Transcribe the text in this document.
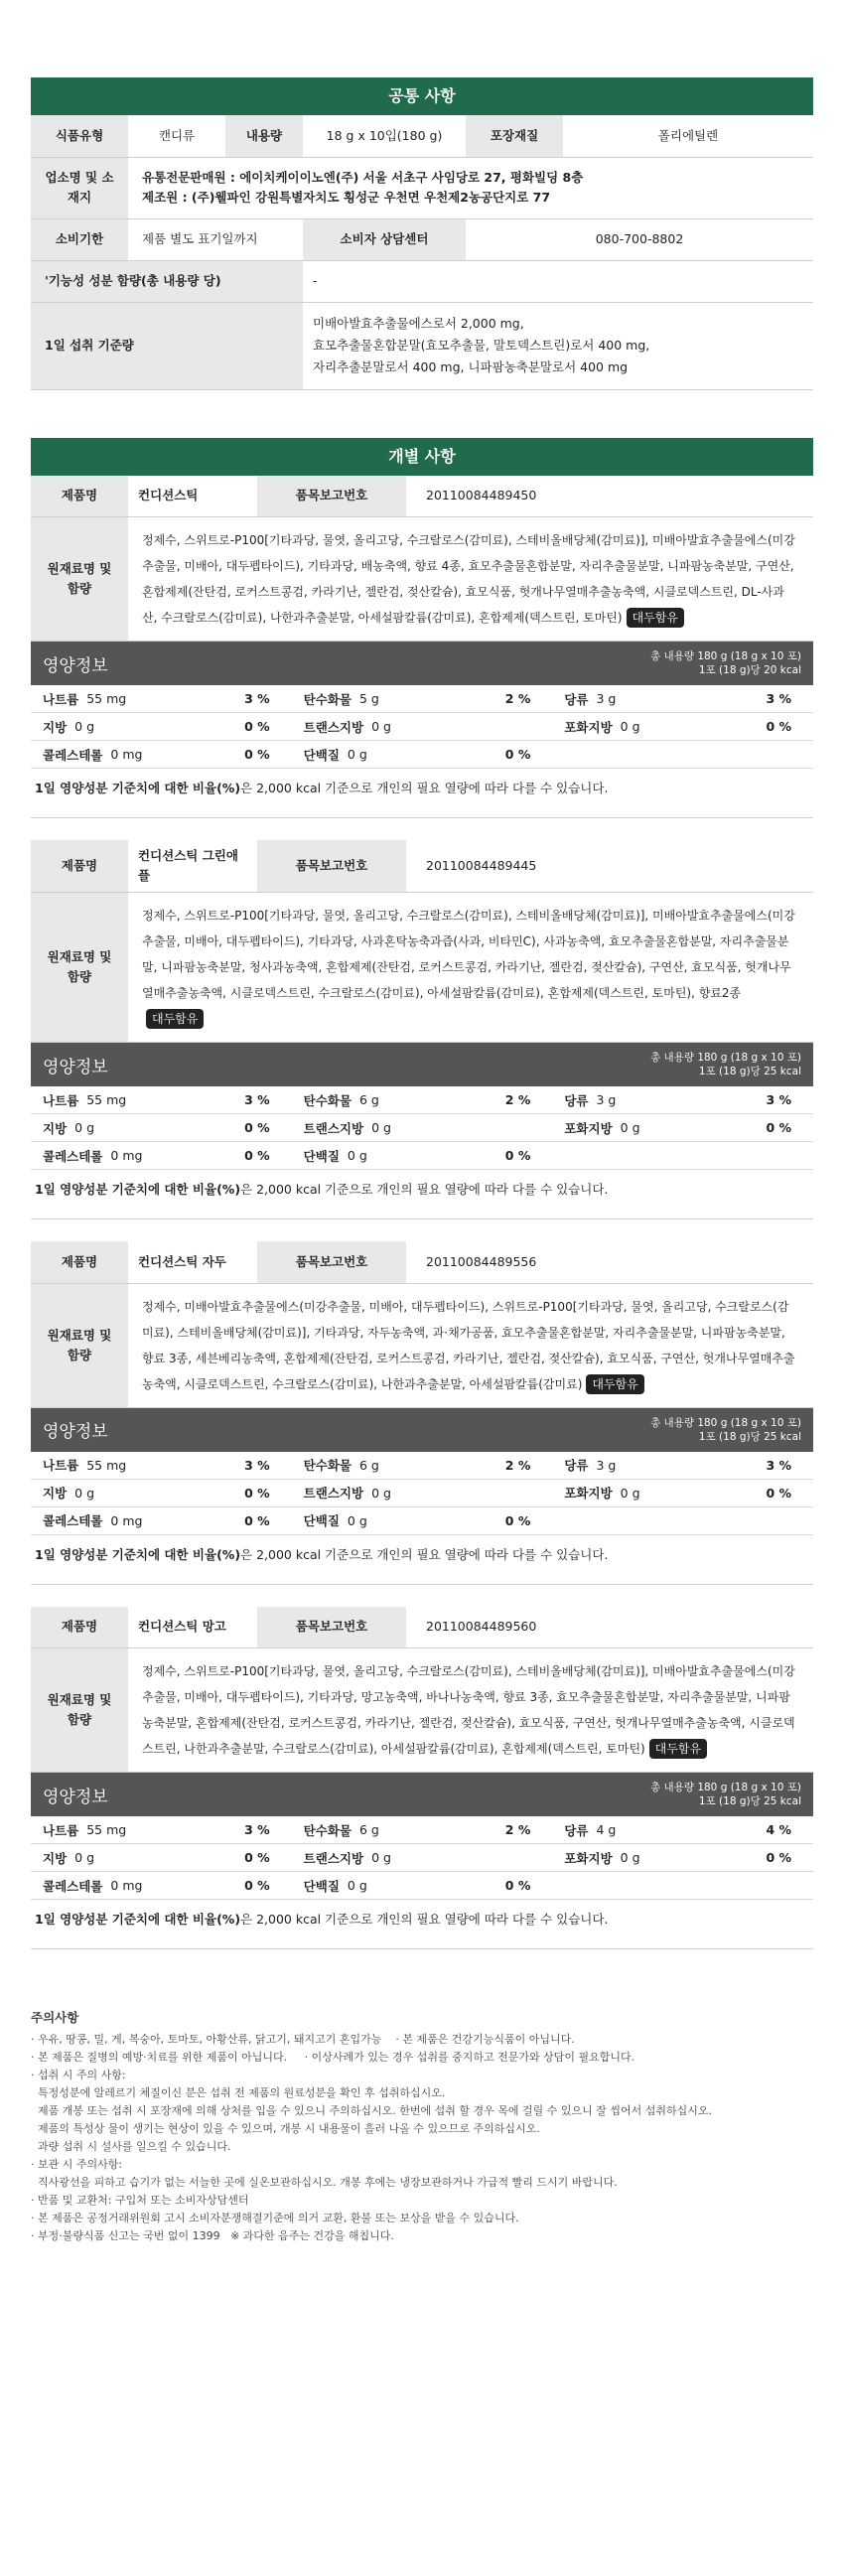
공통 사항
식품유형	캔디류	내용량	18 g x 10입(180 g)	포장재질	폴리에틸렌
업소명 및 소재지	유통전문판매원 : 에이치케이이노엔(주) 서울 서초구 사임당로 27, 평화빌딩 8층
제조원 : (주)웰파인 강원특별자치도 횡성군 우천면 우천제2농공단지로 77				

소비기한	제품 별도 표기일까지		소비자 상담센터	080-700-8802	
'기능성 성분 함량(총 내용량 당)			-		
1일 섭취 기준량			미배아발효추출물에스로서 2,000 mg,
효모추출물혼합분말(효모추출물, 말토덱스트린)로서 400 mg,
자리추출분말로서 400 mg, 니파팜농축분말로서 400 mg		
개별 사항
제품명	컨디션스틱	품목보고번호	20110084489450
원재료명 및 함량	정제수, 스위트로-P100[기타과당, 물엿, 올리고당, 수크랄로스(감미료), 스테비올배당체(감미료)], 미배아발효추출물에스(미강추출물, 미배아, 대두펩타이드), 기타과당, 배농축액, 향료 4종, 효모추출물혼합분말, 자리추출물분말, 니파팜농축분말, 구연산, 혼합제제(잔탄검, 로커스트콩검, 카라기난, 젤란검, 젖산칼슘), 효모식품, 헛개나무열매추출농축액, 시클로덱스트린, DL-사과산, 수크랄로스(감미료), 나한과추출분말, 아세설팜칼륨(감미료), 혼합제제(덱스트린, 토마틴) 대두함유
영양정보	총 내용량 180 g (18 g x 10 포)
1포 (18 g)당 20 kcal
나트륨 55 mg	3 %	탄수화물 5 g	2 %	당류 3 g	3 %
지방 0 g	0 %	트랜스지방 0 g	포화지방 0 g	0 %
콜레스테롤 0 mg	0 %	단백질 0 g	0 %
1일 영양성분 기준치에 대한 비율(%)은 2,000 kcal 기준으로 개인의 필요 열량에 따라 다를 수 있습니다.
제품명	컨디션스틱 그린애플	품목보고번호	20110084489445
원재료명 및 함량	정제수, 스위트로-P100[기타과당, 물엿, 올리고당, 수크랄로스(감미료), 스테비올배당체(감미료)], 미배아발효추출물에스(미강추출물, 미배아, 대두펩타이드), 기타과당, 사과혼탁농축과즙(사과, 비타민C), 사과농축액, 효모추출물혼합분말, 자리추출물분말, 니파팜농축분말, 청사과농축액, 혼합제제(잔탄검, 로커스트콩검, 카라기난, 젤란검, 젖산칼슘), 구연산, 효모식품, 헛개나무열매추출농축액, 시클로덱스트린, 수크랄로스(감미료), 아세설팜칼륨(감미료), 혼합제제(덱스트린, 토마틴), 향료2종대두함유
영양정보	총 내용량 180 g (18 g x 10 포)
1포 (18 g)당 25 kcal
나트륨 55 mg	3 %	탄수화물 6 g	2 %	당류 3 g	3 %
지방 0 g	0 %	트랜스지방 0 g	포화지방 0 g	0 %
콜레스테롤 0 mg	0 %	단백질 0 g	0 %
1일 영양성분 기준치에 대한 비율(%)은 2,000 kcal 기준으로 개인의 필요 열량에 따라 다를 수 있습니다.
제품명	컨디션스틱 자두	품목보고번호	20110084489556
원재료명 및 함량	정제수, 미배아발효추출물에스(미강추출물, 미배아, 대두펩타이드), 스위트로-P100[기타과당, 물엿, 올리고당, 수크랄로스(감미료), 스테비올배당체(감미료)], 기타과당, 자두농축액, 과·채가공품, 효모추출물혼합분말, 자리추출물분말, 니파팜농축분말, 향료 3종, 세븐베리농축액, 혼합제제(잔탄검, 로커스트콩검, 카라기난, 젤란검, 젖산칼슘), 효모식품, 구연산, 헛개나무열매추출농축액, 시클로덱스트린, 수크랄로스(감미료), 나한과추출분말, 아세설팜칼륨(감미료) 대두함유
영양정보	총 내용량 180 g (18 g x 10 포)
1포 (18 g)당 25 kcal
나트륨 55 mg	3 %	탄수화물 6 g	2 %	당류 3 g	3 %
지방 0 g	0 %	트랜스지방 0 g	포화지방 0 g	0 %
콜레스테롤 0 mg	0 %	단백질 0 g	0 %
1일 영양성분 기준치에 대한 비율(%)은 2,000 kcal 기준으로 개인의 필요 열량에 따라 다를 수 있습니다.
제품명	컨디션스틱 망고	품목보고번호	20110084489560
원재료명 및 함량	정제수, 스위트로-P100[기타과당, 물엿, 올리고당, 수크랄로스(감미료), 스테비올배당체(감미료)], 미배아발효추출물에스(미강추출물, 미배아, 대두펩타이드), 기타과당, 망고농축액, 바나나농축액, 향료 3종, 효모추출물혼합분말, 자리추출물분말, 니파팜농축분말, 혼합제제(잔탄검, 로커스트콩검, 카라기난, 젤란검, 젖산칼슘), 효모식품, 구연산, 헛개나무열매추출농축액, 시클로덱스트린, 나한과추출분말, 수크랄로스(감미료), 아세설팜칼륨(감미료), 혼합제제(덱스트린, 토마틴) 대두함유
영양정보	총 내용량 180 g (18 g x 10 포)
1포 (18 g)당 25 kcal
나트륨 55 mg	3 %	탄수화물 6 g	2 %	당류 4 g	4 %
지방 0 g	0 %	트랜스지방 0 g	포화지방 0 g	0 %
콜레스테롤 0 mg	0 %	단백질 0 g	0 %
1일 영양성분 기준치에 대한 비율(%)은 2,000 kcal 기준으로 개인의 필요 열량에 따라 다를 수 있습니다.
주의사항
· 우유, 땅콩, 밀, 게, 복숭아, 토마토, 아황산류, 닭고기, 돼지고기 혼입가능    · 본 제품은 건강기능식품이 아닙니다.
· 본 제품은 질병의 예방·치료를 위한 제품이 아닙니다.     · 이상사례가 있는 경우 섭취를 중지하고 전문가와 상담이 필요합니다.
· 섭취 시 주의 사항:
특정성분에 알레르기 체질이신 분은 섭취 전 제품의 원료성분을 확인 후 섭취하십시오.
제품 개봉 또는 섭취 시 포장재에 의해 상처를 입을 수 있으니 주의하십시오. 한번에 섭취 할 경우 목에 걸릴 수 있으니 잘 씹어서 섭취하십시오.
제품의 특성상 물이 생기는 현상이 있을 수 있으며, 개봉 시 내용물이 흘러 나올 수 있으므로 주의하십시오.
과량 섭취 시 설사를 일으킬 수 있습니다.
· 보관 시 주의사항:
직사광선을 피하고 습기가 없는 서늘한 곳에 실온보관하십시오. 개봉 후에는 냉장보관하거나 가급적 빨리 드시기 바랍니다.
· 반품 및 교환처: 구입처 또는 소비자상담센터
· 본 제품은 공정거래위원회 고시 소비자분쟁해결기준에 의거 교환, 환불 또는 보상을 받을 수 있습니다.
· 부정·불량식품 신고는 국번 없이 1399   ※ 과다한 음주는 건강을 해칩니다.
